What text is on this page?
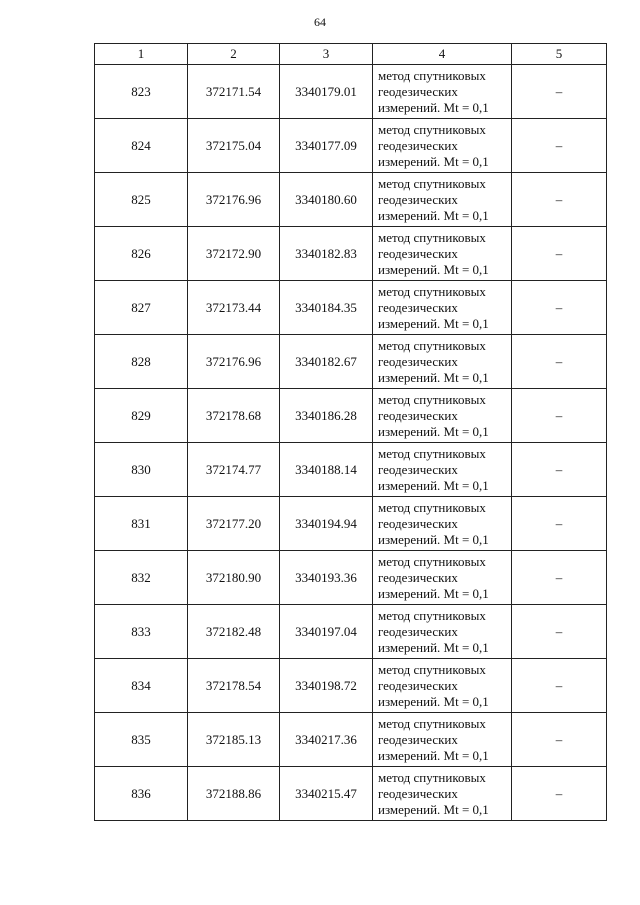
64
1	2	3	4	5
823	372171.54	3340179.01	метод спутниковых геодезических измерений. Mt = 0,1	–
824	372175.04	3340177.09	метод спутниковых геодезических измерений. Mt = 0,1	–
825	372176.96	3340180.60	метод спутниковых геодезических измерений. Mt = 0,1	–
826	372172.90	3340182.83	метод спутниковых геодезических измерений. Mt = 0,1	–
827	372173.44	3340184.35	метод спутниковых геодезических измерений. Mt = 0,1	–
828	372176.96	3340182.67	метод спутниковых геодезических измерений. Mt = 0,1	–
829	372178.68	3340186.28	метод спутниковых геодезических измерений. Mt = 0,1	–
830	372174.77	3340188.14	метод спутниковых геодезических измерений. Mt = 0,1	–
831	372177.20	3340194.94	метод спутниковых геодезических измерений. Mt = 0,1	–
832	372180.90	3340193.36	метод спутниковых геодезических измерений. Mt = 0,1	–
833	372182.48	3340197.04	метод спутниковых геодезических измерений. Mt = 0,1	–
834	372178.54	3340198.72	метод спутниковых геодезических измерений. Mt = 0,1	–
835	372185.13	3340217.36	метод спутниковых геодезических измерений. Mt = 0,1	–
836	372188.86	3340215.47	метод спутниковых геодезических измерений. Mt = 0,1	–
